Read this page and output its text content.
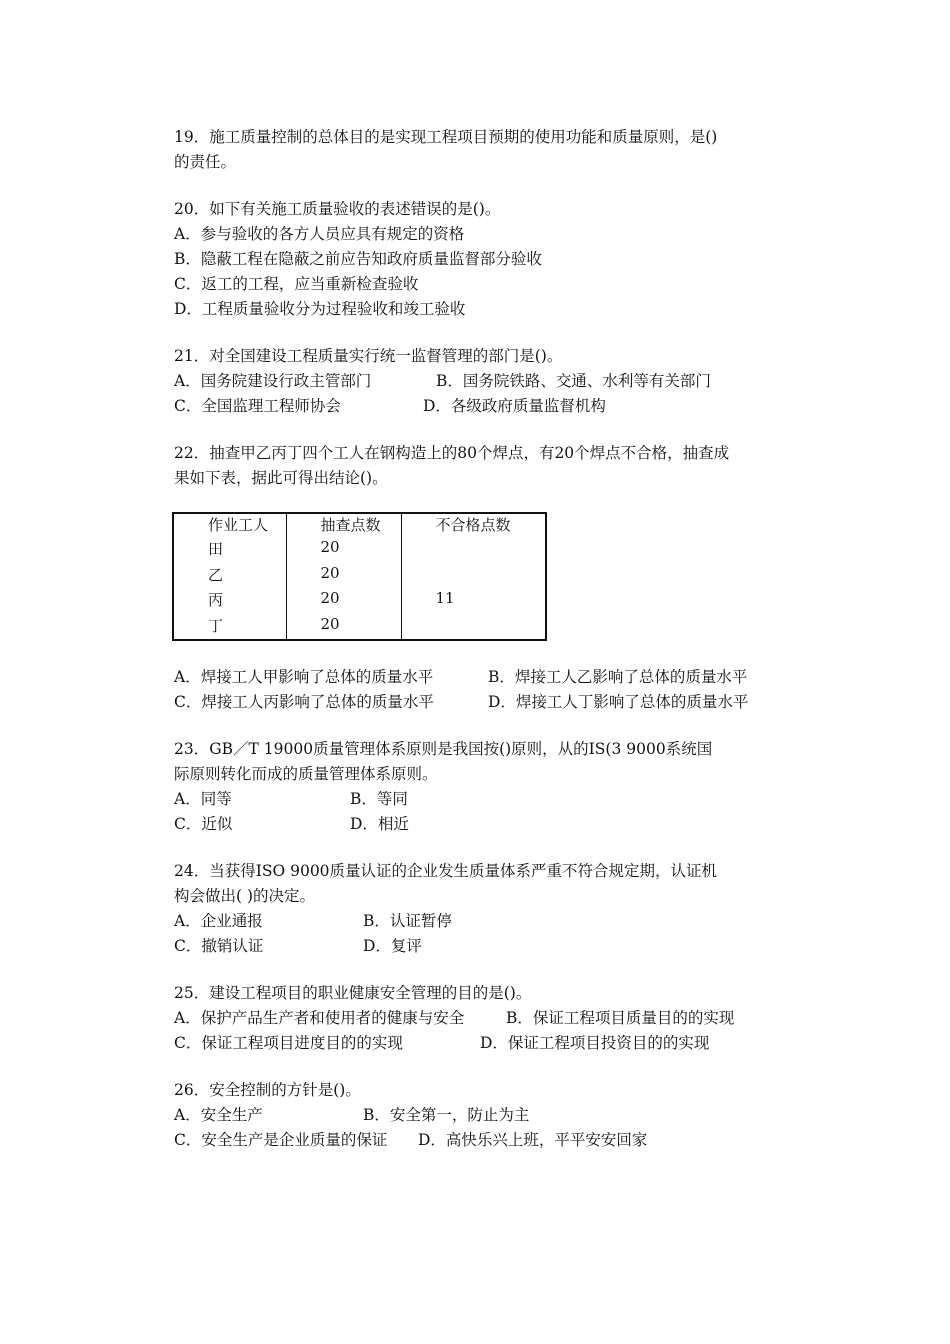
19．施工质量控制的总体目的是实现工程项目预期的使用功能和质量原则，是()
的责任。
20．如下有关施工质量验收的表述错误的是()。
A．参与验收的各方人员应具有规定的资格
B．隐蔽工程在隐蔽之前应告知政府质量监督部分验收
C．返工的工程，应当重新检查验收
D．工程质量验收分为过程验收和竣工验收
21．对全国建设工程质量实行统一监督管理的部门是()。
A．国务院建设行政主管部门	B．国务院铁路、交通、水利等有关部门
C．全国监理工程师协会	D．各级政府质量监督机构
22．抽查甲乙丙丁四个工人在钢构造上的80个焊点，有20个焊点不合格，抽查成
果如下表，据此可得出结论()。
作业工人	抽查点数	不合格点数
田	20	
乙	20	
丙	20	11
丁	20	
A．焊接工人甲影响了总体的质量水平	B．焊接工人乙影响了总体的质量水平
C．焊接工人丙影响了总体的质量水平	D．焊接工人丁影响了总体的质量水平
23．GB／T 19000质量管理体系原则是我国按()原则，从的IS(3 9000系统国
际原则转化而成的质量管理体系原则。
A．同等	B．等同
C．近似	D．相近
24．当获得ISO 9000质量认证的企业发生质量体系严重不符合规定期，认证机
构会做出( )的决定。
A．企业通报	B．认证暂停
C．撤销认证	D．复评
25．建设工程项目的职业健康安全管理的目的是()。
A．保护产品生产者和使用者的健康与安全	B．保证工程项目质量目的的实现
C．保证工程项目进度目的的实现	D．保证工程项目投资目的的实现
26．安全控制的方针是()。
A．安全生产	B．安全第一，防止为主
C．安全生产是企业质量的保证 D．高快乐兴上班，平平安安回家
